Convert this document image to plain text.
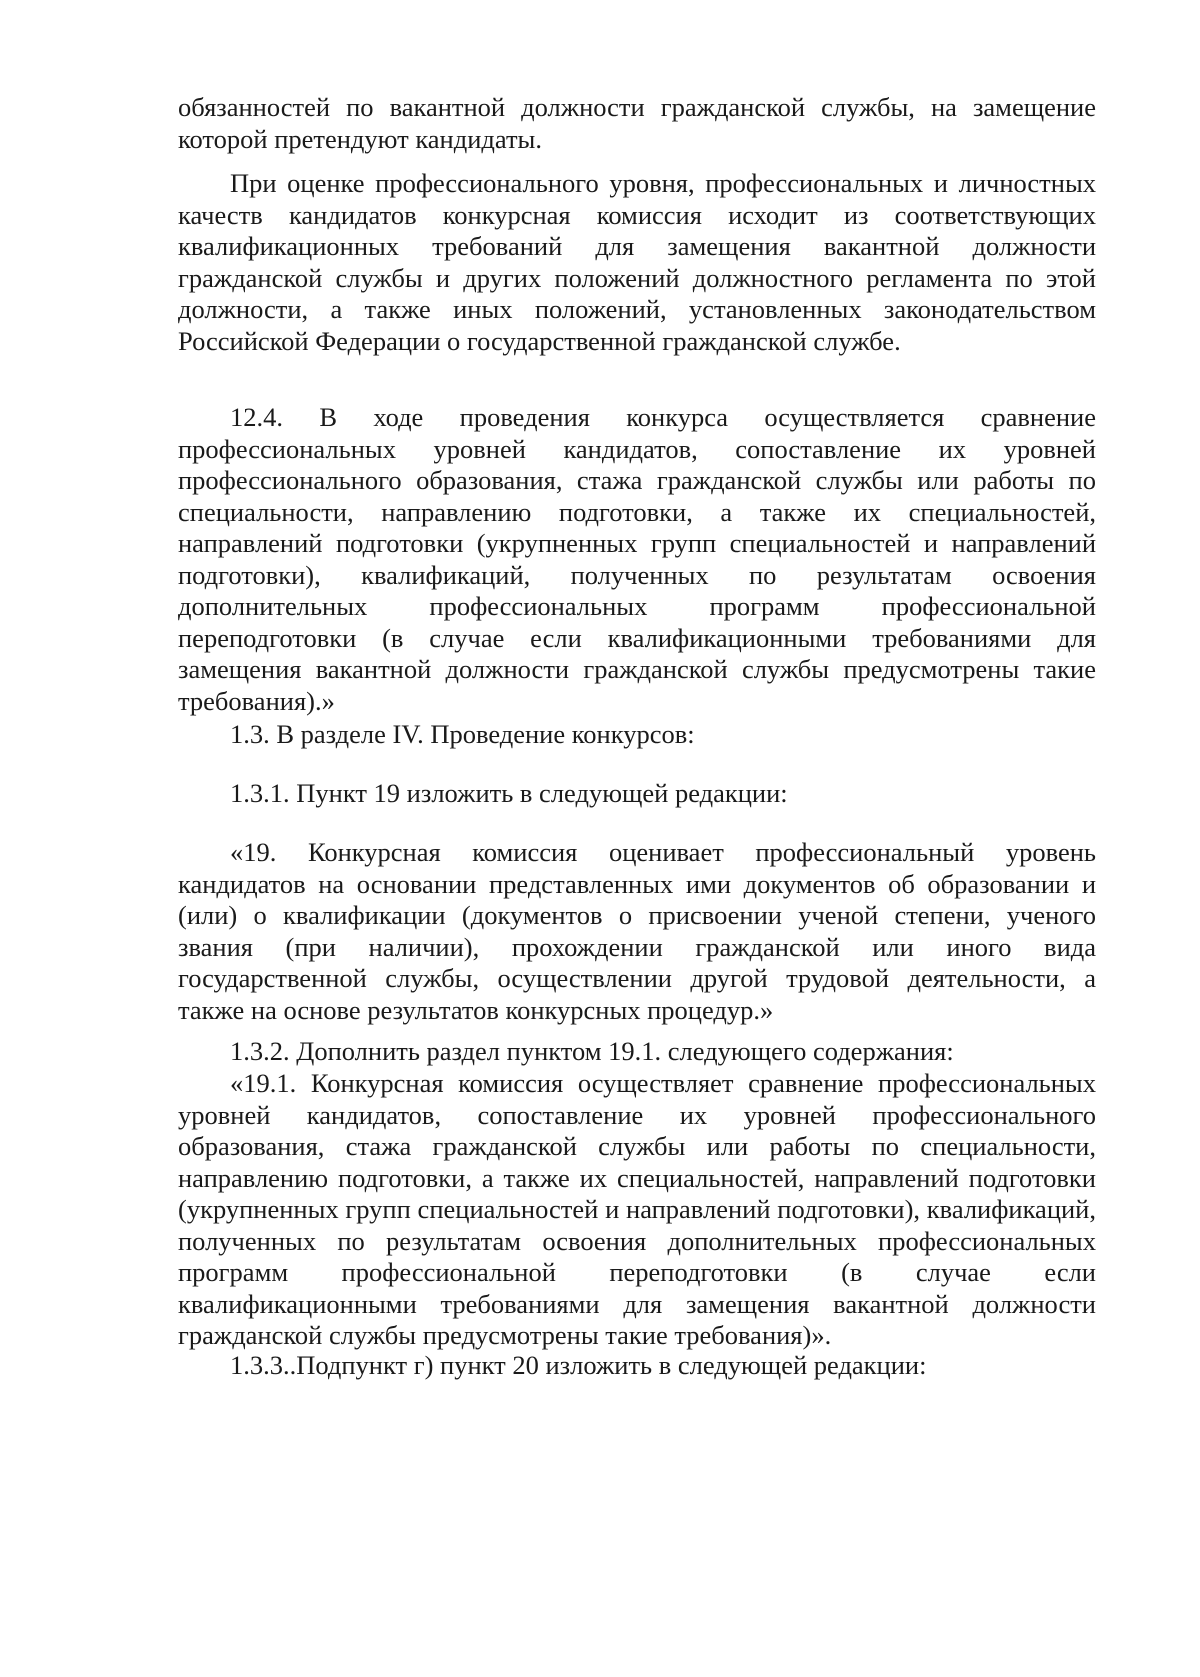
обязанностей по вакантной должности гражданской службы, на замещение которой претендуют кандидаты.

При оценке профессионального уровня, профессиональных и личностных качеств кандидатов конкурсная комиссия исходит из соответствующих квалификационных требований для замещения вакантной должности гражданской службы и других положений должностного регламента по этой должности, а также иных положений, установленных законодательством Российской Федерации о государственной гражданской службе.

12.4. В ходе проведения конкурса осуществляется сравнение профессиональных уровней кандидатов, сопоставление их уровней профессионального образования, стажа гражданской службы или работы по специальности, направлению подготовки, а также их специальностей, направлений подготовки (укрупненных групп специальностей и направлений подготовки), квалификаций, полученных по результатам освоения дополнительных профессиональных программ профессиональной переподготовки (в случае если квалификационными требованиями для замещения вакантной должности гражданской службы предусмотрены такие требования).»

1.3. В разделе IV. Проведение конкурсов:

1.3.1. Пункт 19 изложить в следующей редакции:

«19. Конкурсная комиссия оценивает профессиональный уровень кандидатов на основании представленных ими документов об образовании и (или) о квалификации (документов о присвоении ученой степени, ученого звания (при наличии), прохождении гражданской или иного вида государственной службы, осуществлении другой трудовой деятельности, а также на основе результатов конкурсных процедур.»

1.3.2. Дополнить раздел пунктом 19.1. следующего содержания:

«19.1. Конкурсная комиссия осуществляет сравнение профессиональных уровней кандидатов, сопоставление их уровней профессионального образования, стажа гражданской службы или работы по специальности, направлению подготовки, а также их специальностей, направлений подготовки (укрупненных групп специальностей и направлений подготовки), квалификаций, полученных по результатам освоения дополнительных профессиональных программ профессиональной переподготовки (в случае если квалификационными требованиями для замещения вакантной должности гражданской службы предусмотрены такие требования)».

1.3.3..Подпункт г) пункт 20 изложить в следующей редакции:
